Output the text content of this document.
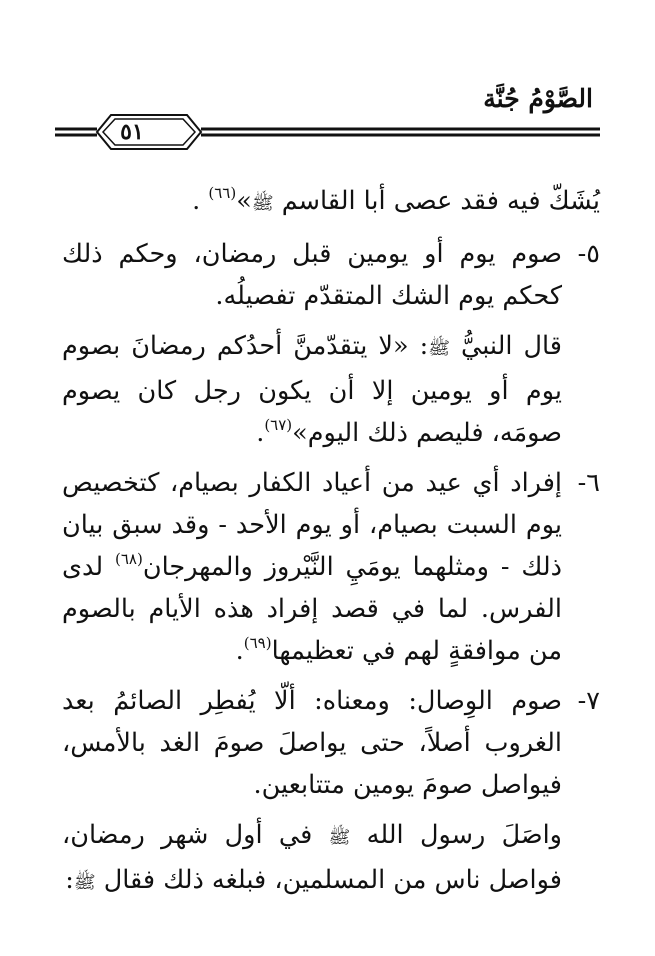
الصَّوْمُ جُنَّة
٥١

يُشَكّ فيه فقد عصى أبا القاسم ﷺ»$^{(٦٦)}$ .

٥-
صوم يوم أو يومين قبل رمضان، وحكم ذلك كحكم يوم الشك المتقدّم تفصيلُه.

قال النبيُّ ﷺ: «لا يتقدّمنَّ أحدُكم رمضانَ بصوم يوم أو يومين إلا أن يكون رجل كان يصوم صومَه، فليصم ذلك اليوم»$^{(٦٧)}$.

٦-
إفراد أي عيد من أعياد الكفار بصيام، كتخصيص يوم السبت بصيام، أو يوم الأحد - وقد سبق بيان ذلك - ومثلهما يومَيِ النَّيْروز والمهرجان$^{(٦٨)}$ لدى الفرس. لما في قصد إفراد هذه الأيام بالصوم من موافقةٍ لهم في تعظيمها$^{(٦٩)}$.
٧-
صوم الوِصال: ومعناه: ألّا يُفطِر الصائمُ بعد الغروب أصلاً، حتى يواصلَ صومَ الغد بالأمس، فيواصل صومَ يومين متتابعين.

واصَلَ رسول الله ﷺ في أول شهر رمضان، فواصل ناس من المسلمين، فبلغه ذلك فقال ﷺ:
